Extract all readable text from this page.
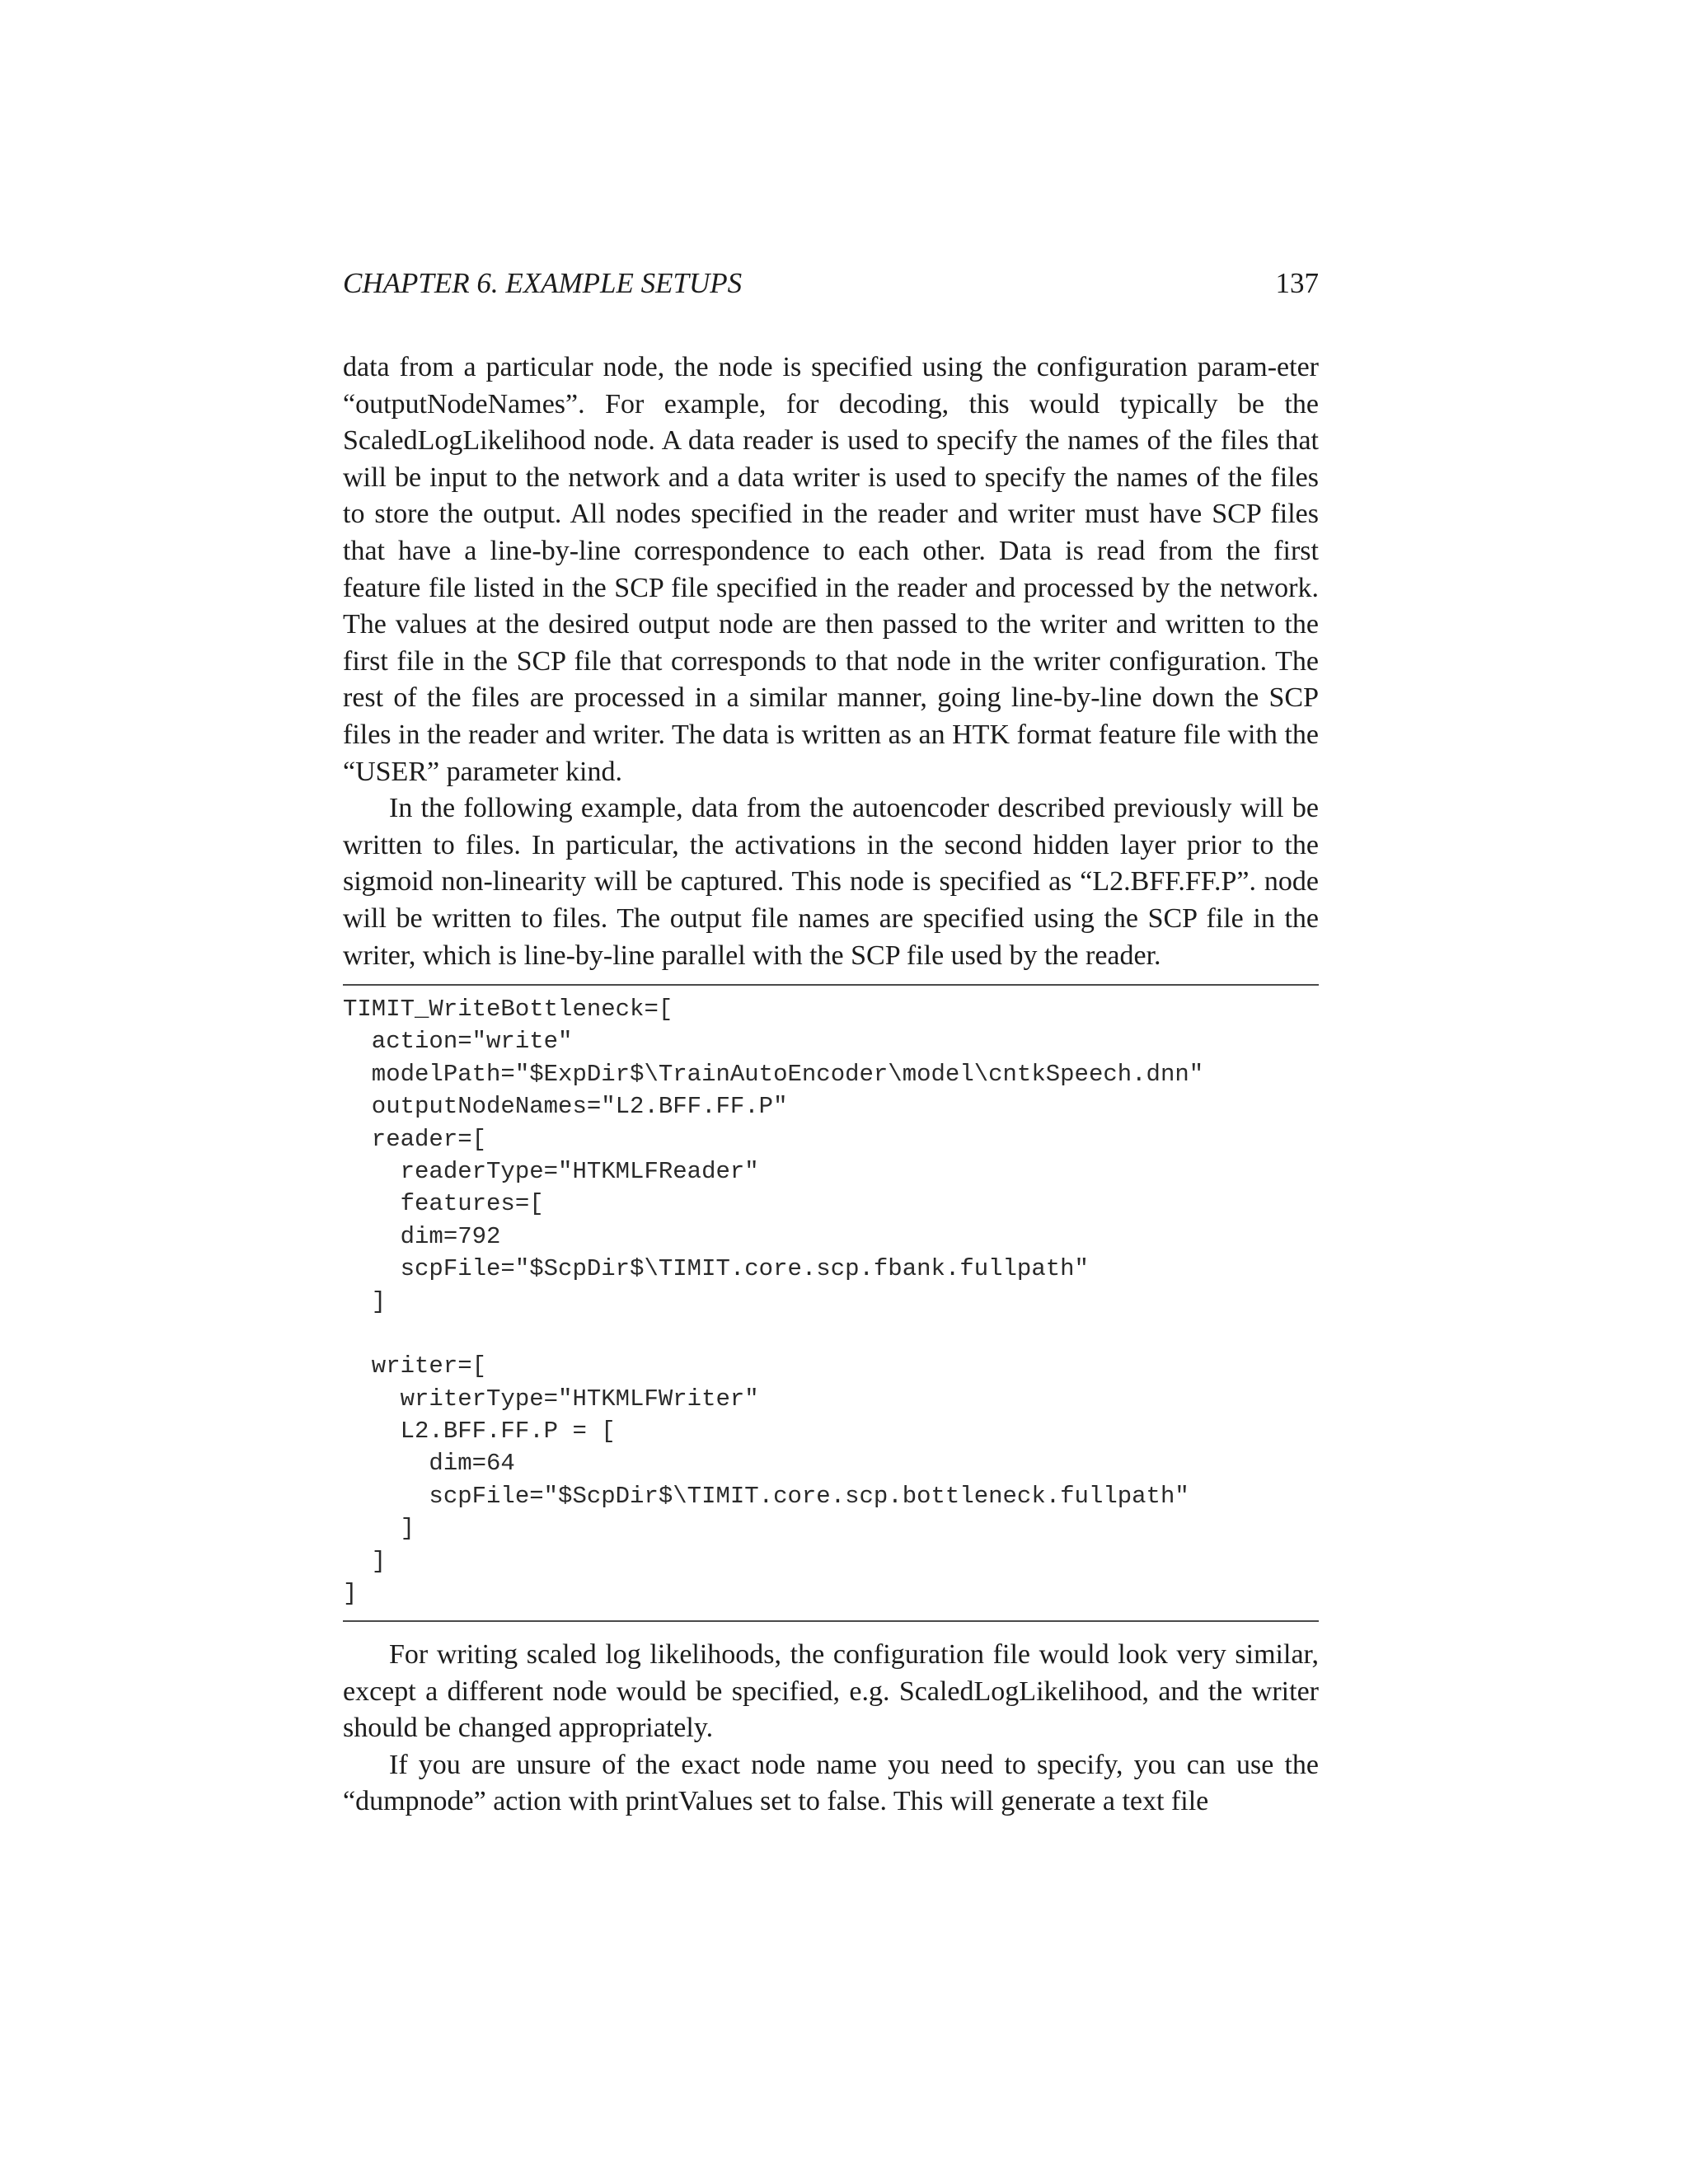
CHAPTER 6. EXAMPLE SETUPS	137

data from a particular node, the node is specified using the configuration param-eter “outputNodeNames”. For example, for decoding, this would typically be the ScaledLogLikelihood node. A data reader is used to specify the names of the files that will be input to the network and a data writer is used to specify the names of the files to store the output. All nodes specified in the reader and writer must have SCP files that have a line-by-line correspondence to each other. Data is read from the first feature file listed in the SCP file specified in the reader and processed by the network. The values at the desired output node are then passed to the writer and written to the first file in the SCP file that corresponds to that node in the writer configuration. The rest of the files are processed in a similar manner, going line-by-line down the SCP files in the reader and writer. The data is written as an HTK format feature file with the “USER” parameter kind.

In the following example, data from the autoencoder described previously will be written to files. In particular, the activations in the second hidden layer prior to the sigmoid non-linearity will be captured. This node is specified as “L2.BFF.FF.P”. node will be written to files. The output file names are specified using the SCP file in the writer, which is line-by-line parallel with the SCP file used by the reader.

TIMIT_WriteBottleneck=[
action="write"
modelPath="$ExpDir$\TrainAutoEncoder\model\cntkSpeech.dnn"
outputNodeNames="L2.BFF.FF.P"
reader=[
readerType="HTKMLFReader"
features=[
dim=792
scpFile="$ScpDir$\TIMIT.core.scp.fbank.fullpath"
]
writer=[
writerType="HTKMLFWriter"
L2.BFF.FF.P = [
dim=64
scpFile="$ScpDir$\TIMIT.core.scp.bottleneck.fullpath"
]
]
]

For writing scaled log likelihoods, the configuration file would look very similar, except a different node would be specified, e.g. ScaledLogLikelihood, and the writer should be changed appropriately.

If you are unsure of the exact node name you need to specify, you can use the “dumpnode” action with printValues set to false. This will generate a text file
